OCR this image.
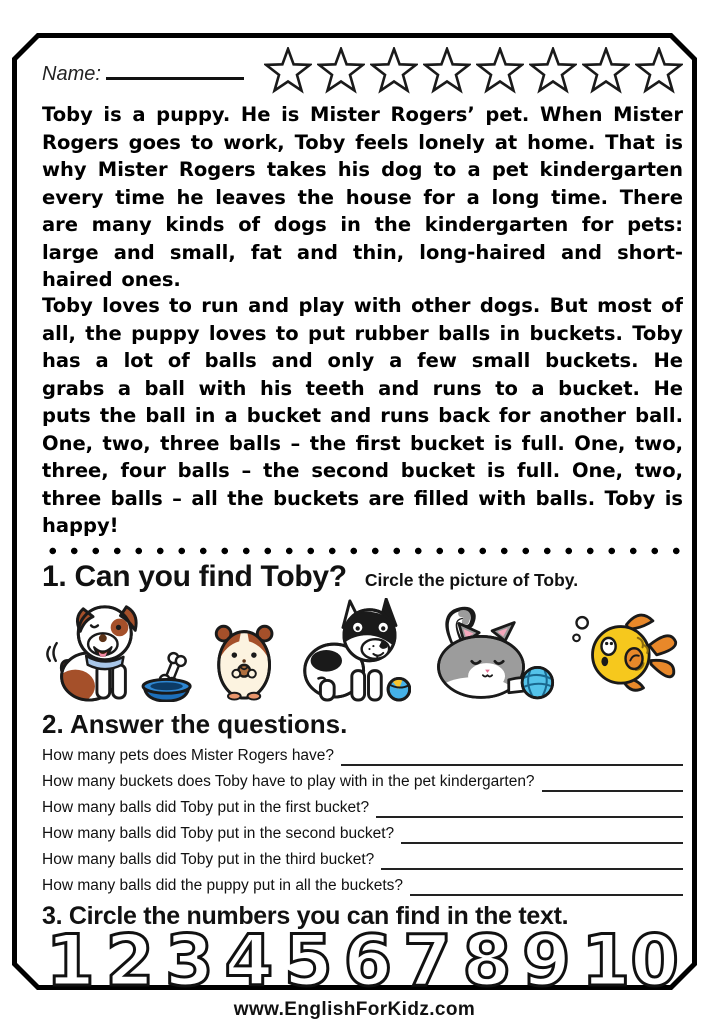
Name:

Toby is a puppy. He is Mister Rogers’ pet. When Mister Rogers goes to work, Toby feels lonely at home. That is why Mister Rogers takes his dog to a pet kindergarten every time he leaves the house for a long time. There are many kinds of dogs in the kindergarten for pets: large and small, fat and thin, long-haired and short-haired ones.

Toby loves to run and play with other dogs. But most of all, the puppy loves to put rubber balls in buckets. Toby has a lot of balls and only a few small buckets. He grabs a ball with his teeth and runs to a bucket. He puts the ball in a bucket and runs back for another ball. One, two, three balls – the first bucket is full. One, two, three, four balls – the second bucket is full. One, two, three balls – all the buckets are filled with balls. Toby is happy!

1. Can you find Toby? Circle the picture of Toby.
2. Answer the questions.
How many pets does Mister Rogers have?
How many buckets does Toby have to play with in the pet kindergarten?
How many balls did Toby put in the first bucket?
How many balls did Toby put in the second bucket?
How many balls did Toby put in the third bucket?
How many balls did the puppy put in all the buckets?
3. Circle the numbers you can find in the text.
1 2 3 4 5 6 7 8 9 10
www.EnglishForKidz.com
